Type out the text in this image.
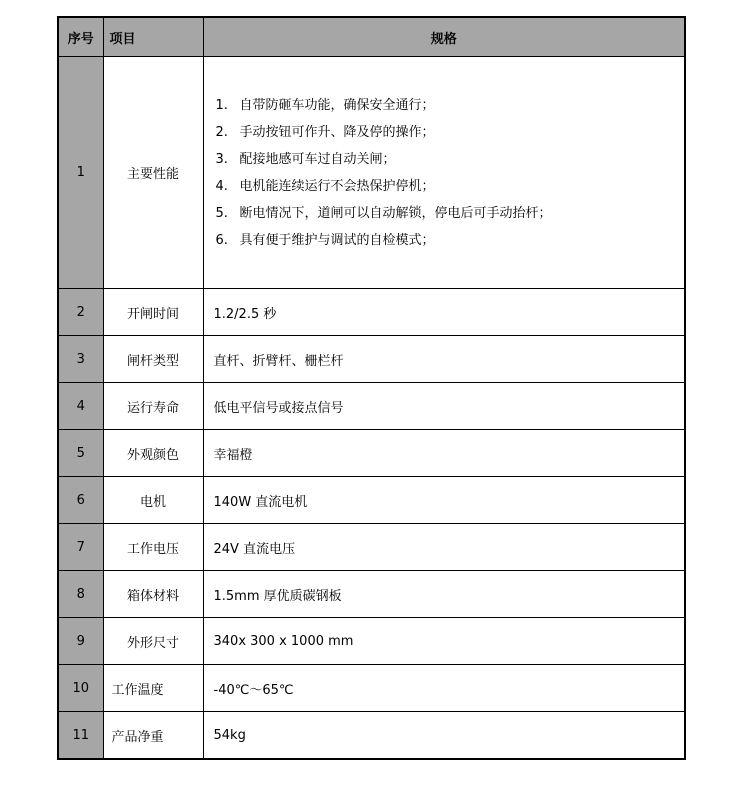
序号	项目	规格
1	主要性能	
1. 自带防砸车功能，确保安全通行；
2. 手动按钮可作升、降及停的操作；
3. 配接地感可车过自动关闸；
4. 电机能连续运行不会热保护停机；
5. 断电情况下，道闸可以自动解锁，停电后可手动抬杆；
6. 具有便于维护与调试的自检模式；

2	开闸时间	1.2/2.5 秒
3	闸杆类型	直杆、折臂杆、栅栏杆
4	运行寿命	低电平信号或接点信号
5	外观颜色	幸福橙
6	电机	140W 直流电机
7	工作电压	24V 直流电压
8	箱体材料	1.5mm 厚优质碳钢板
9	外形尺寸	340x 300 x 1000 mm
10	工作温度	-40℃～65℃
11	产品净重	54kg
